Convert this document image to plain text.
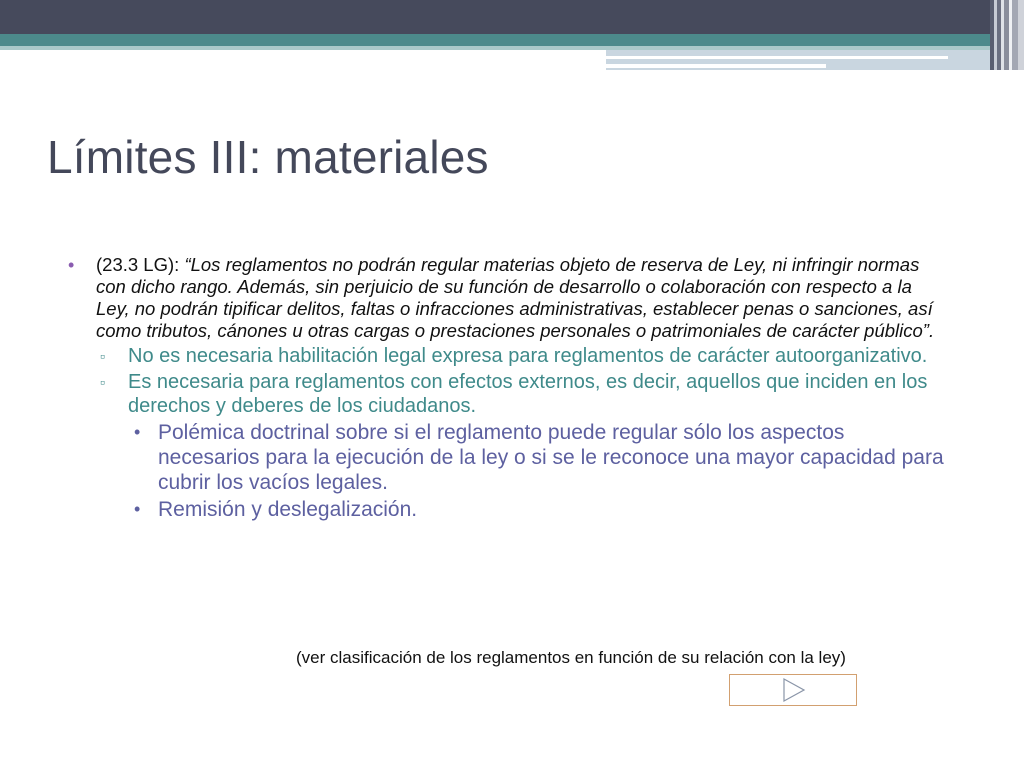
Límites III: materiales
• (23.3 LG): “Los reglamentos no podrán regular materias objeto de reserva de Ley, ni infringir normas con dicho rango. Además, sin perjuicio de su función de desarrollo o colaboración con respecto a la Ley, no podrán tipificar delitos, faltas o infracciones administrativas, establecer penas o sanciones, así como tributos, cánones u otras cargas o prestaciones personales o patrimoniales de carácter público”.
▫ No es necesaria habilitación legal expresa para reglamentos de carácter autoorganizativo.
▫ Es necesaria para reglamentos con efectos externos, es decir, aquellos que inciden en los derechos y deberes de los ciudadanos.
• Polémica doctrinal sobre si el reglamento puede regular sólo los aspectos necesarios para la ejecución de la ley o si se le reconoce una mayor capacidad para cubrir los vacíos legales.
• Remisión y deslegalización.
(ver clasificación de los reglamentos en función de su relación con la ley)
